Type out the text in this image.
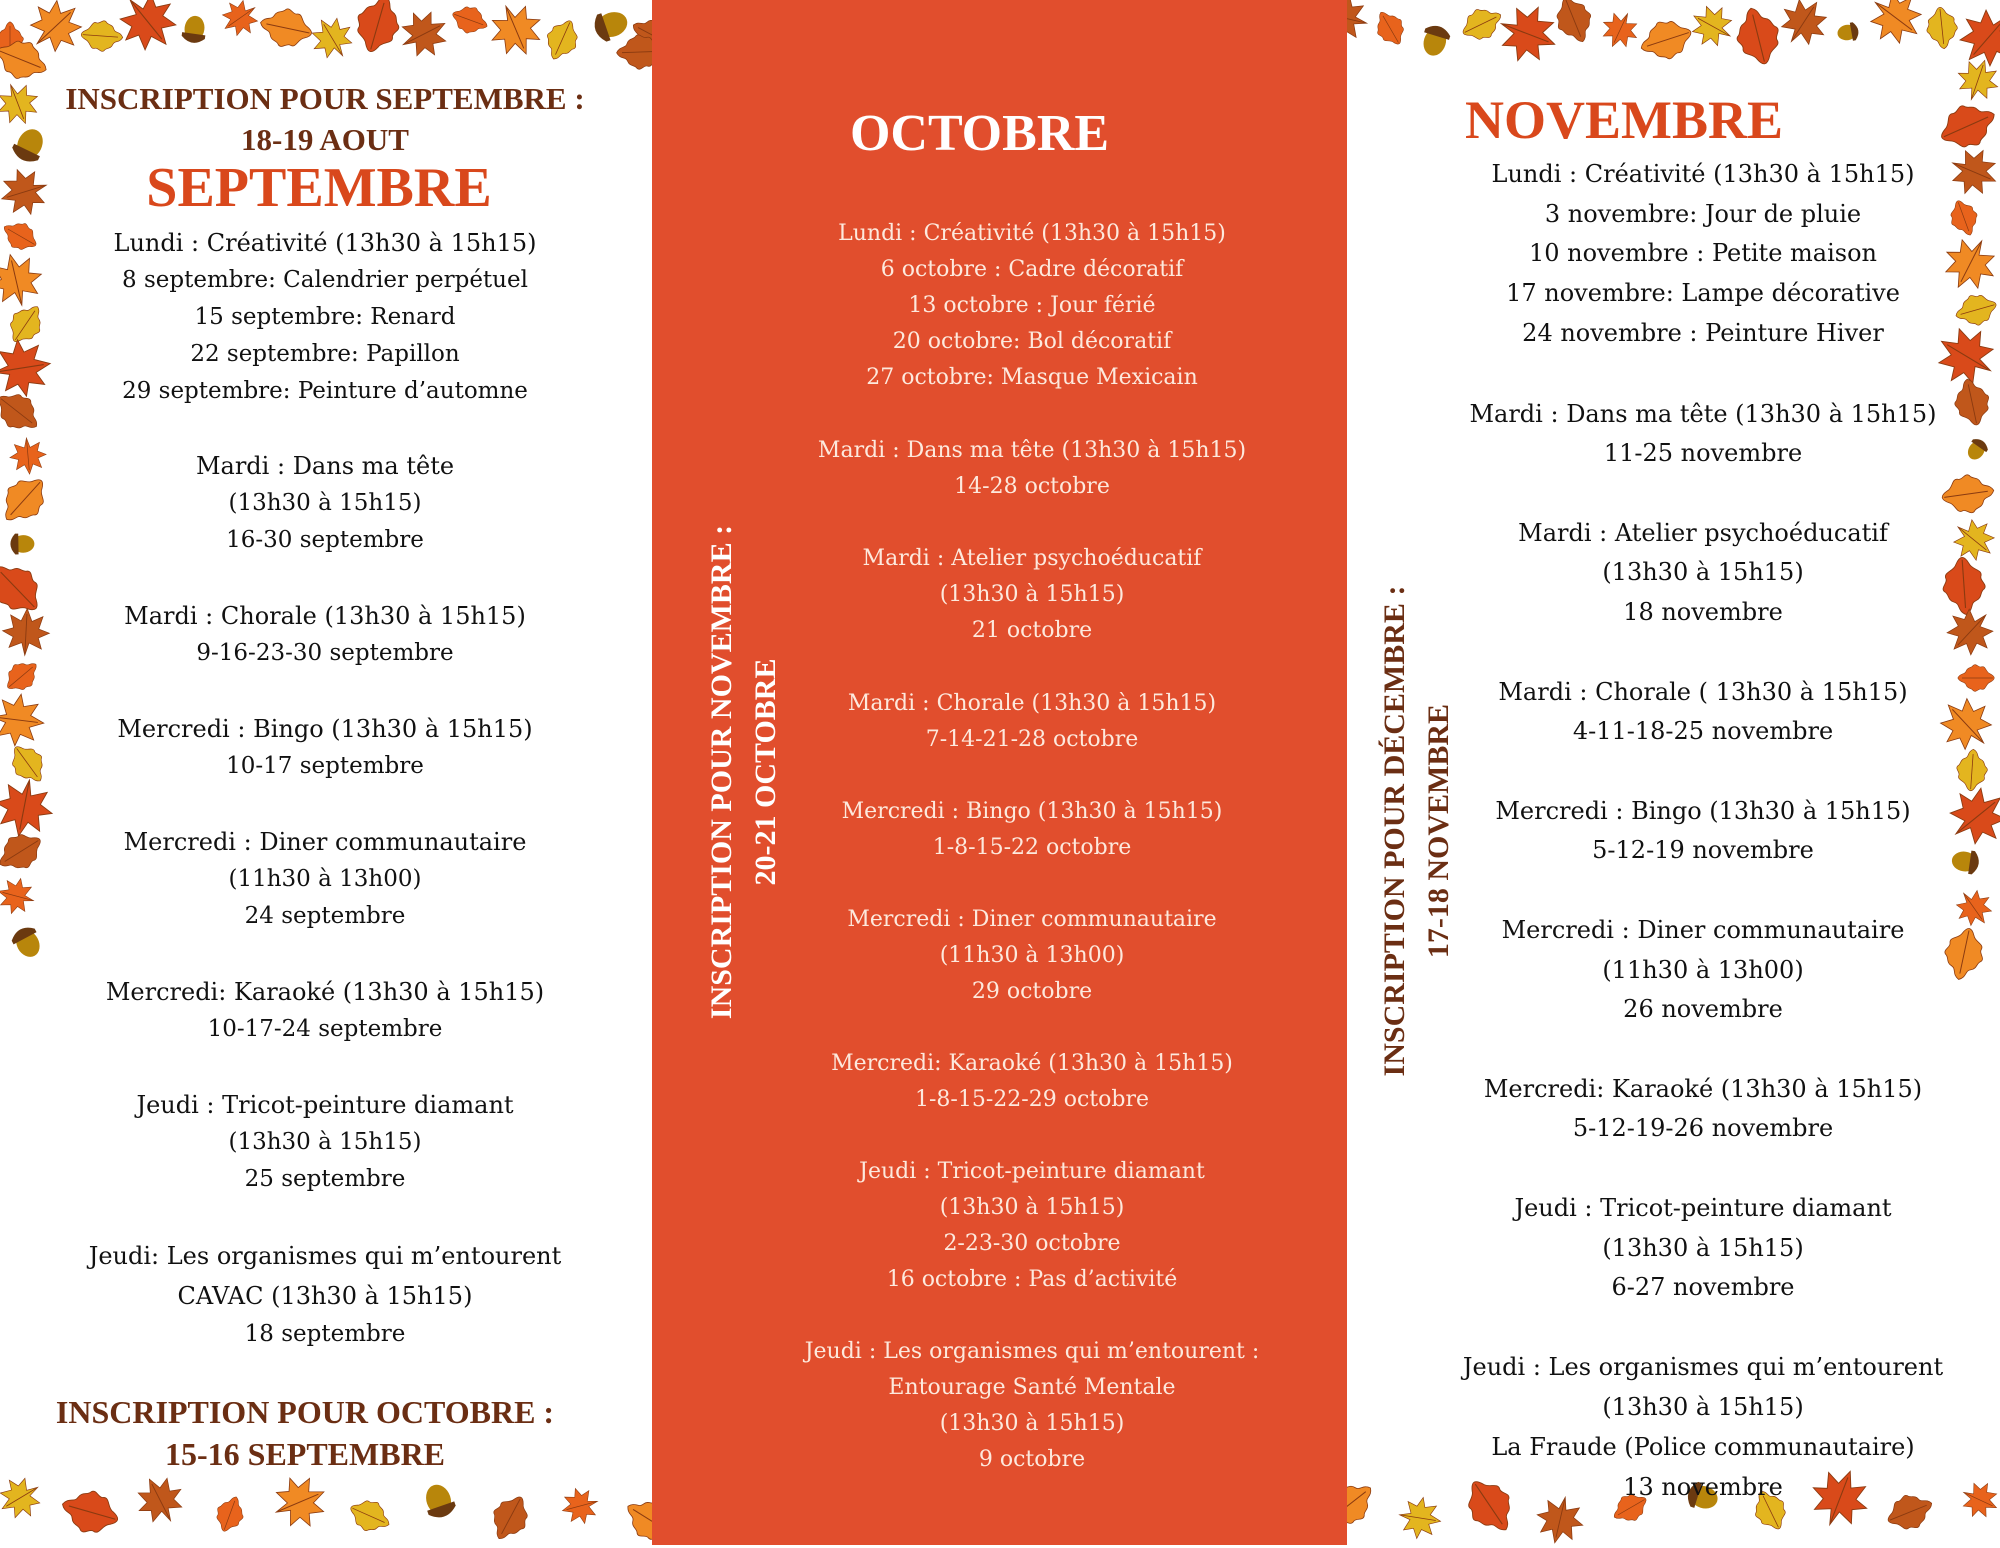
INSCRIPTION POUR SEPTEMBRE :
18-19 AOUT
SEPTEMBRE
Lundi : Créativité (13h30 à 15h15)
8 septembre: Calendrier perpétuel
15 septembre: Renard
22 septembre: Papillon
29 septembre: Peinture d’automne
Mardi : Dans ma tête
(13h30 à 15h15)
16-30 septembre
Mardi : Chorale (13h30 à 15h15)
9-16-23-30 septembre
Mercredi : Bingo (13h30 à 15h15)
10-17 septembre
Mercredi : Diner communautaire
(11h30 à 13h00)
24 septembre
Mercredi: Karaoké (13h30 à 15h15)
10-17-24 septembre
Jeudi : Tricot-peinture diamant
(13h30 à 15h15)
25 septembre
Jeudi: Les organismes qui m’entourent
CAVAC (13h30 à 15h15)
18 septembre
INSCRIPTION POUR OCTOBRE :
15-16 SEPTEMBRE
OCTOBRE
Lundi : Créativité (13h30 à 15h15)
6 octobre : Cadre décoratif
13 octobre : Jour férié
20 octobre: Bol décoratif
27 octobre: Masque Mexicain
Mardi : Dans ma tête (13h30 à 15h15)
14-28 octobre
Mardi : Atelier psychoéducatif
(13h30 à 15h15)
21 octobre
Mardi : Chorale (13h30 à 15h15)
7-14-21-28 octobre
Mercredi : Bingo (13h30 à 15h15)
1-8-15-22 octobre
Mercredi : Diner communautaire
(11h30 à 13h00)
29 octobre
Mercredi: Karaoké (13h30 à 15h15)
1-8-15-22-29 octobre
Jeudi : Tricot-peinture diamant
(13h30 à 15h15)
2-23-30 octobre
16 octobre : Pas d’activité
Jeudi : Les organismes qui m’entourent :
Entourage Santé Mentale
(13h30 à 15h15)
9 octobre
INSCRIPTION POUR NOVEMBRE : 20-21 OCTOBRE
NOVEMBRE
Lundi : Créativité (13h30 à 15h15)
3 novembre: Jour de pluie
10 novembre : Petite maison
17 novembre: Lampe décorative
24 novembre : Peinture Hiver
Mardi : Dans ma tête (13h30 à 15h15)
11-25 novembre
Mardi : Atelier psychoéducatif
(13h30 à 15h15)
18 novembre
Mardi : Chorale ( 13h30 à 15h15)
4-11-18-25 novembre
Mercredi : Bingo (13h30 à 15h15)
5-12-19 novembre
Mercredi : Diner communautaire
(11h30 à 13h00)
26 novembre
Mercredi: Karaoké (13h30 à 15h15)
5-12-19-26 novembre
Jeudi : Tricot-peinture diamant
(13h30 à 15h15)
6-27 novembre
Jeudi : Les organismes qui m’entourent
(13h30 à 15h15)
La Fraude (Police communautaire)
13 novembre
INSCRIPTION POUR DÉCEMBRE : 17-18 NOVEMBRE
